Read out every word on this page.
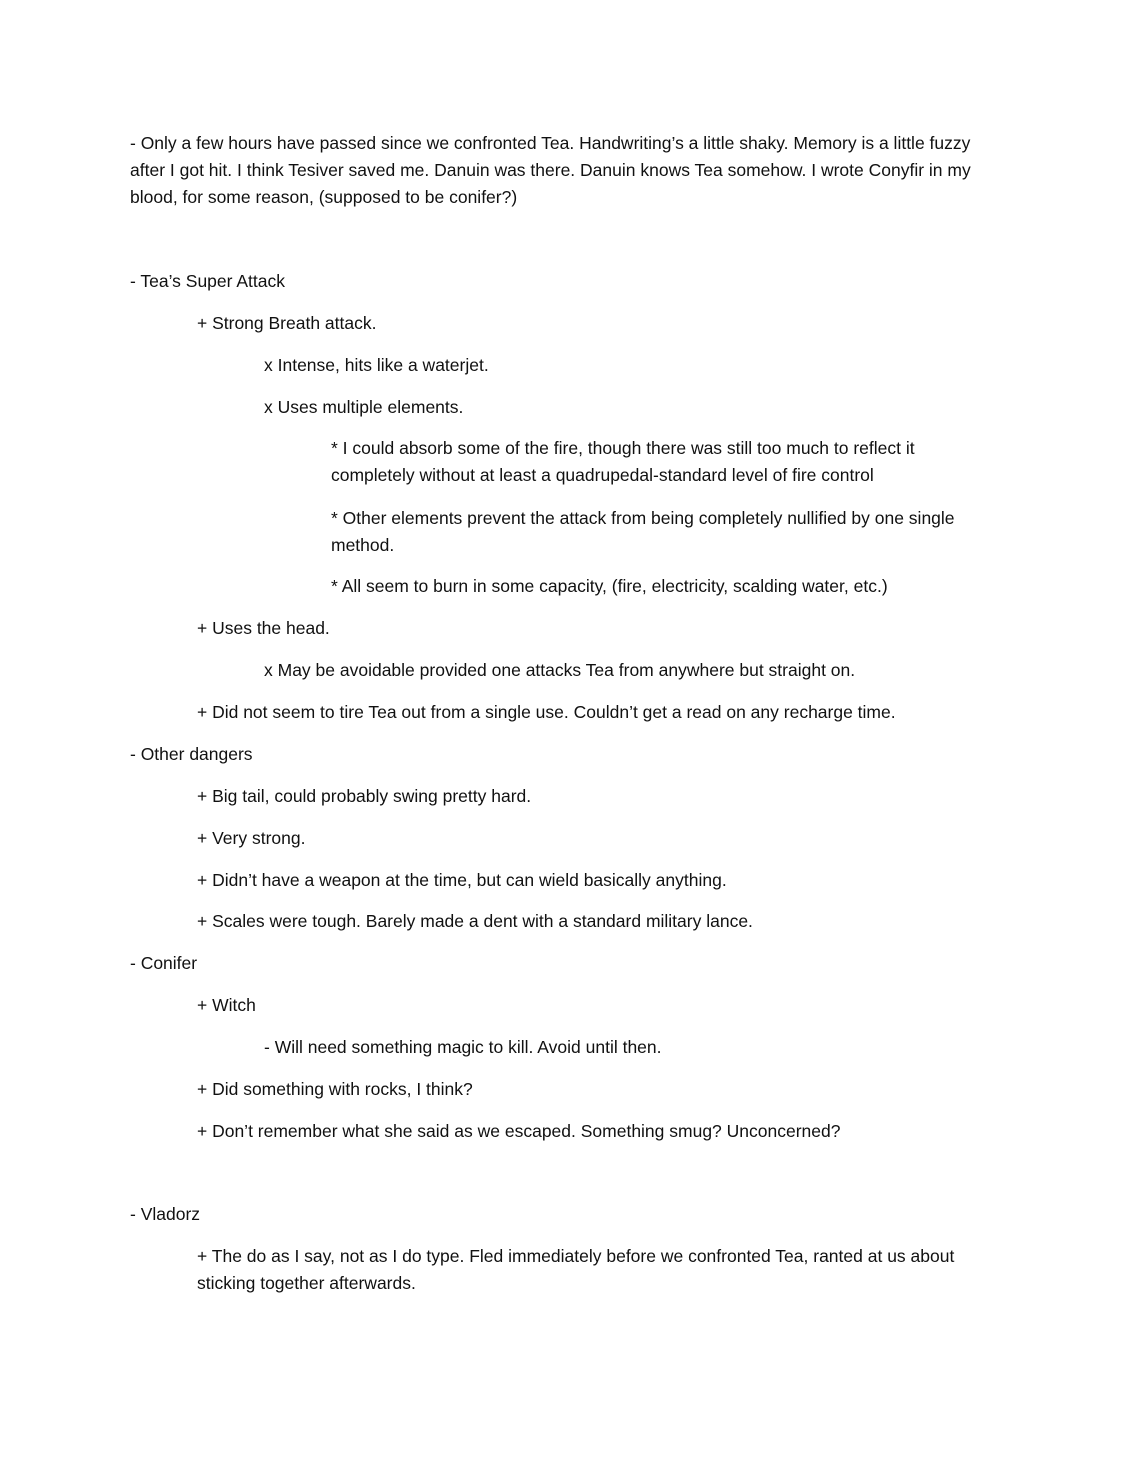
- Only a few hours have passed since we confronted Tea. Handwriting’s a little shaky. Memory is a little fuzzy after I got hit. I think Tesiver saved me. Danuin was there. Danuin knows Tea somehow. I wrote Conyfir in my blood, for some reason, (supposed to be conifer?)

- Tea’s Super Attack

+ Strong Breath attack.

x Intense, hits like a waterjet.

x Uses multiple elements.

* I could absorb some of the fire, though there was still too much to reflect it completely without at least a quadrupedal-standard level of fire control

* Other elements prevent the attack from being completely nullified by one single method.

* All seem to burn in some capacity, (fire, electricity, scalding water, etc.)

+ Uses the head.

x May be avoidable provided one attacks Tea from anywhere but straight on.

+ Did not seem to tire Tea out from a single use. Couldn’t get a read on any recharge time.

- Other dangers

+ Big tail, could probably swing pretty hard.

+ Very strong.

+ Didn’t have a weapon at the time, but can wield basically anything.

+ Scales were tough. Barely made a dent with a standard military lance.

- Conifer

+ Witch

- Will need something magic to kill. Avoid until then.

+ Did something with rocks, I think?

+ Don’t remember what she said as we escaped. Something smug? Unconcerned?

- Vladorz

+ The do as I say, not as I do type. Fled immediately before we confronted Tea, ranted at us about sticking together afterwards.
